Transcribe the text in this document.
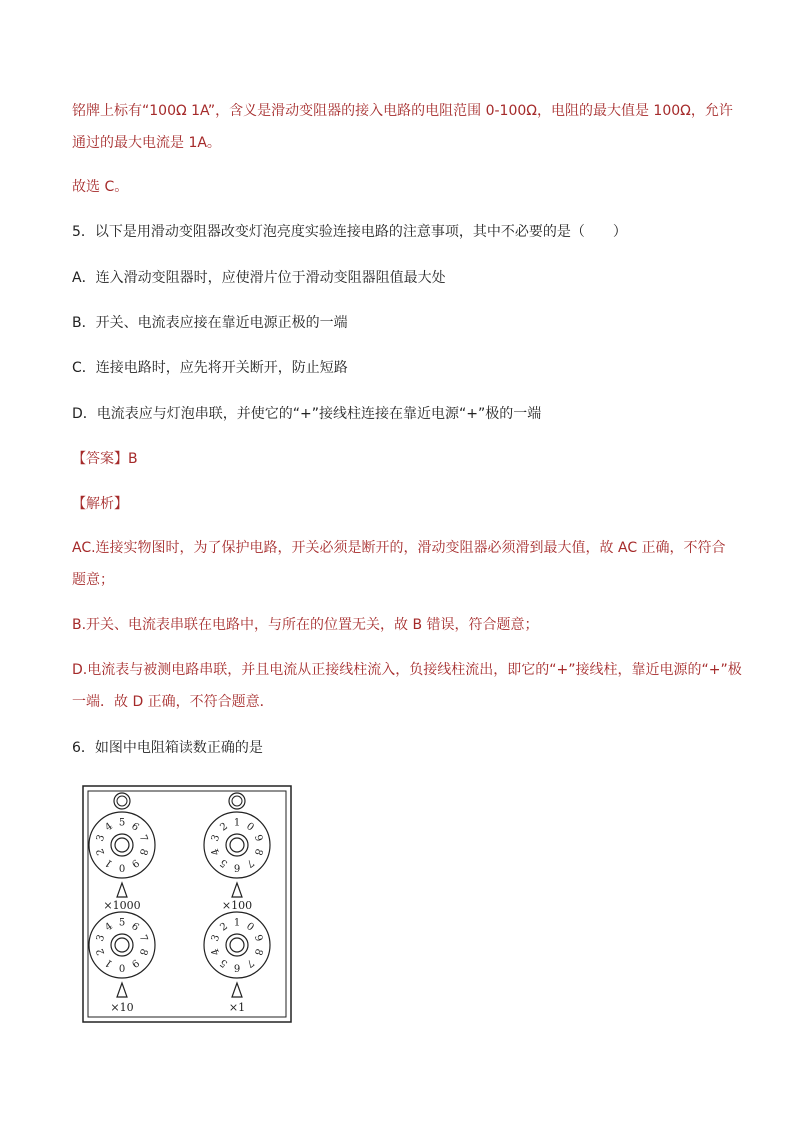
铭牌上标有“100Ω 1A”，含义是滑动变阻器的接入电路的电阻范围 0-100Ω，电阻的最大值是 100Ω，允许
通过的最大电流是 1A。
故选 C。
5．以下是用滑动变阻器改变灯泡亮度实验连接电路的注意事项，其中不必要的是（　　）
A．连入滑动变阻器时，应使滑片位于滑动变阻器阻值最大处
B．开关、电流表应接在靠近电源正极的一端
C．连接电路时，应先将开关断开，防止短路
D．电流表应与灯泡串联，并使它的“+”接线柱连接在靠近电源“+”极的一端
【答案】B
【解析】
AC.连接实物图时，为了保护电路，开关必须是断开的，滑动变阻器必须滑到最大值，故 AC 正确，不符合
题意；
B.开关、电流表串联在电路中，与所在的位置无关，故 B 错误，符合题意；
D.电流表与被测电路串联，并且电流从正接线柱流入，负接线柱流出，即它的“+”接线柱，靠近电源的“+”极
一端．故 D 正确，不符合题意．
6．如图中电阻箱读数正确的是
5 6
7
8
9
0
1
2
3
4
×1000
1 0
9
8
7
6
5
4
3
2
×100
5 6
7
8
9
0
1
2
3
4
×10
1 0
9
8
7
6
5
4
3
2
×1
